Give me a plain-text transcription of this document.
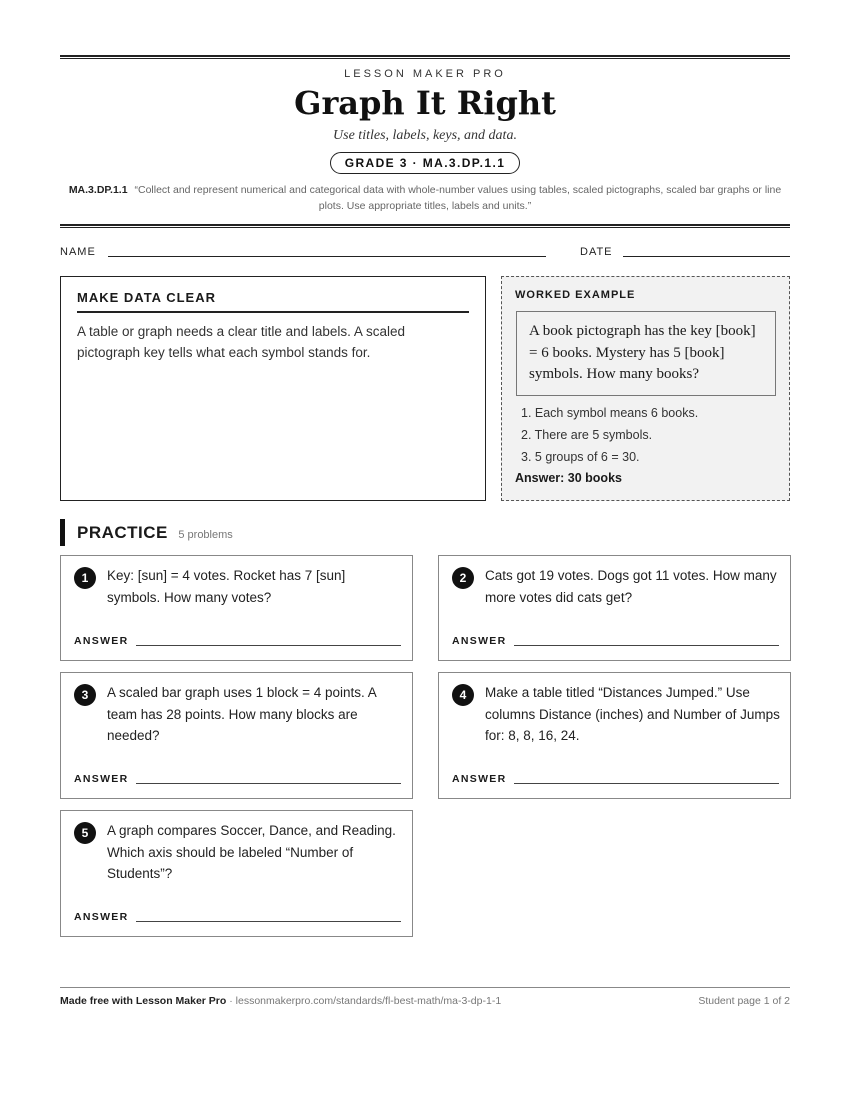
LESSON MAKER PRO
Graph It Right
Use titles, labels, keys, and data.
GRADE 3 · MA.3.DP.1.1
MA.3.DP.1.1 “Collect and represent numerical and categorical data with whole-number values using tables, scaled pictographs, scaled bar graphs or line plots. Use appropriate titles, labels and units.”
NAME	DATE
MAKE DATA CLEAR

A table or graph needs a clear title and labels. A scaled pictograph key tells what each symbol stands for.

WORKED EXAMPLE
A book pictograph has the key [book] = 6 books. Mystery has 5 [book] symbols. How many books?
1. Each symbol means 6 books.
2. There are 5 symbols.
3. 5 groups of 6 = 30.
Answer: 30 books
PRACTICE 5 problems
1	Key: [sun] = 4 votes. Rocket has 7 [sun] symbols. How many votes?
ANSWER
2	Cats got 19 votes. Dogs got 11 votes. How many more votes did cats get?
ANSWER
3	A scaled bar graph uses 1 block = 4 points. A team has 28 points. How many blocks are needed?
ANSWER
4	Make a table titled “Distances Jumped.” Use columns Distance (inches) and Number of Jumps for: 8, 8, 16, 24.
ANSWER
5	A graph compares Soccer, Dance, and Reading. Which axis should be labeled “Number of Students”?
ANSWER
Made free with Lesson Maker Pro · lessonmakerpro.com/standards/fl-best-math/ma-3-dp-1-1	Student page 1 of 2
